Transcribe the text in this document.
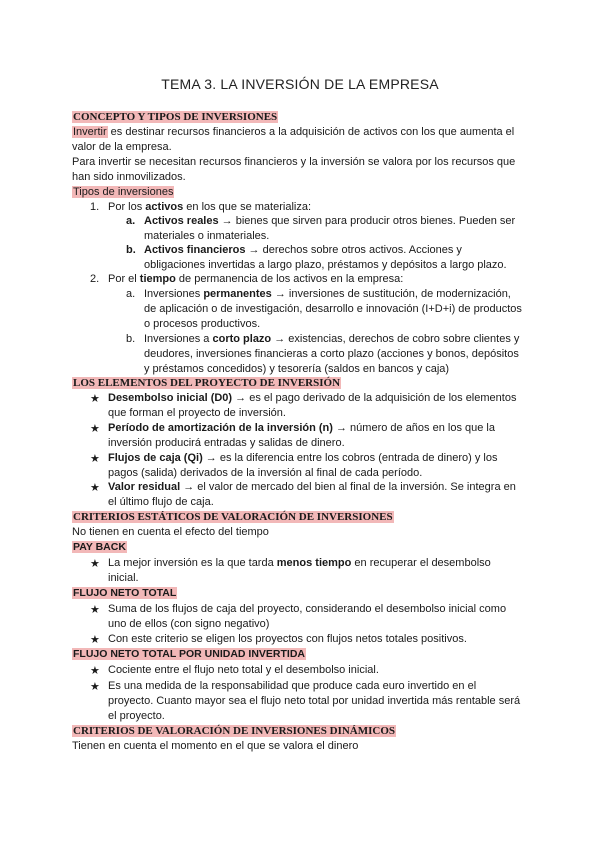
TEMA 3. LA INVERSIÓN DE LA EMPRESA
CONCEPTO Y TIPOS DE INVERSIONES
Invertir es destinar recursos financieros a la adquisición de activos con los que aumenta el
valor de la empresa.
Para invertir se necesitan recursos financieros y la inversión se valora por los recursos que
han sido inmovilizados.
Tipos de inversiones
1. Por los activos en los que se materializa:
a. Activos reales → bienes que sirven para producir otros bienes. Pueden ser
materiales o inmateriales.
b. Activos financieros → derechos sobre otros activos. Acciones y
obligaciones invertidas a largo plazo, préstamos y depósitos a largo plazo.
2. Por el tiempo de permanencia de los activos en la empresa:
a. Inversiones permanentes → inversiones de sustitución, de modernización,
de aplicación o de investigación, desarrollo e innovación (I+D+i) de productos
o procesos productivos.
b. Inversiones a corto plazo → existencias, derechos de cobro sobre clientes y
deudores, inversiones financieras a corto plazo (acciones y bonos, depósitos
y préstamos concedidos) y tesorería (saldos en bancos y caja)
LOS ELEMENTOS DEL PROYECTO DE INVERSIÓN
★ Desembolso inicial (D0) → es el pago derivado de la adquisición de los elementos
que forman el proyecto de inversión.
★ Período de amortización de la inversión (n) → número de años en los que la
inversión producirá entradas y salidas de dinero.
★ Flujos de caja (Qi) → es la diferencia entre los cobros (entrada de dinero) y los
pagos (salida) derivados de la inversión al final de cada período.
★ Valor residual → el valor de mercado del bien al final de la inversión. Se integra en
el último flujo de caja.
CRITERIOS ESTÁTICOS DE VALORACIÓN DE INVERSIONES
No tienen en cuenta el efecto del tiempo
PAY BACK
★ La mejor inversión es la que tarda menos tiempo en recuperar el desembolso
inicial.
FLUJO NETO TOTAL
★ Suma de los flujos de caja del proyecto, considerando el desembolso inicial como
uno de ellos (con signo negativo)
★ Con este criterio se eligen los proyectos con flujos netos totales positivos.
FLUJO NETO TOTAL POR UNIDAD INVERTIDA
★ Cociente entre el flujo neto total y el desembolso inicial.
★ Es una medida de la responsabilidad que produce cada euro invertido en el
proyecto. Cuanto mayor sea el flujo neto total por unidad invertida más rentable será
el proyecto.
CRITERIOS DE VALORACIÓN DE INVERSIONES DINÁMICOS
Tienen en cuenta el momento en el que se valora el dinero
